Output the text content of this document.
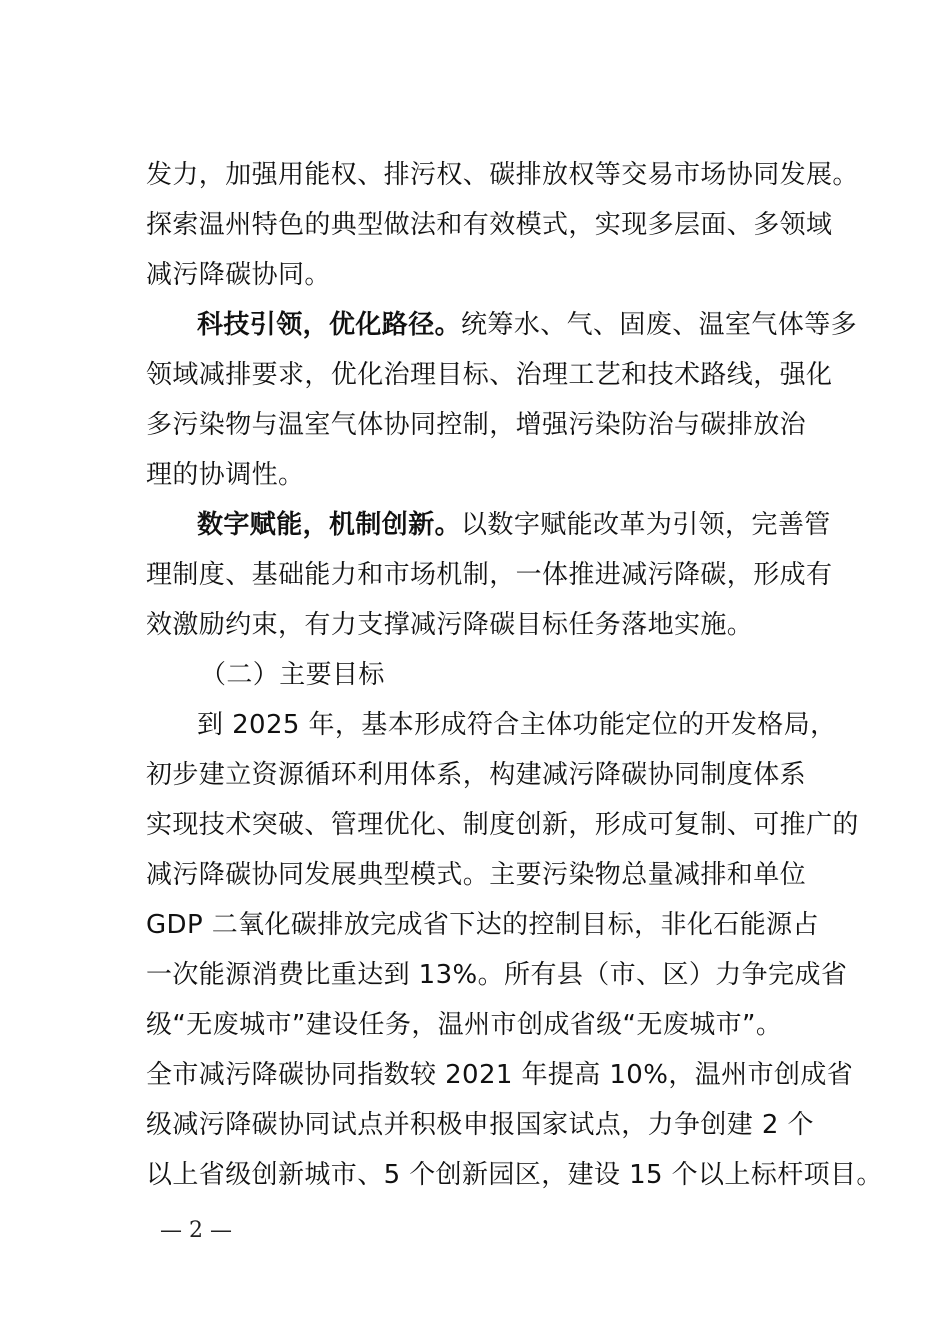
发力，加强用能权、排污权、碳排放权等交易市场协同发展。
探索温州特色的典型做法和有效模式，实现多层面、多领域
减污降碳协同。
科技引领，优化路径。统筹水、气、固废、温室气体等多
领域减排要求，优化治理目标、治理工艺和技术路线，强化
多污染物与温室气体协同控制，增强污染防治与碳排放治
理的协调性。
数字赋能，机制创新。以数字赋能改革为引领，完善管
理制度、基础能力和市场机制，一体推进减污降碳，形成有
效激励约束，有力支撑减污降碳目标任务落地实施。
（二）主要目标
到 2025 年，基本形成符合主体功能定位的开发格局，
初步建立资源循环利用体系，构建减污降碳协同制度体系
实现技术突破、管理优化、制度创新，形成可复制、可推广的
减污降碳协同发展典型模式。主要污染物总量减排和单位
GDP 二氧化碳排放完成省下达的控制目标，非化石能源占
一次能源消费比重达到 13%。所有县（市、区）力争完成省
级“无废城市”建设任务，温州市创成省级“无废城市”。
全市减污降碳协同指数较 2021 年提高 10%，温州市创成省
级减污降碳协同试点并积极申报国家试点，力争创建 2 个
以上省级创新城市、5 个创新园区，建设 15 个以上标杆项目。
— 2 —
